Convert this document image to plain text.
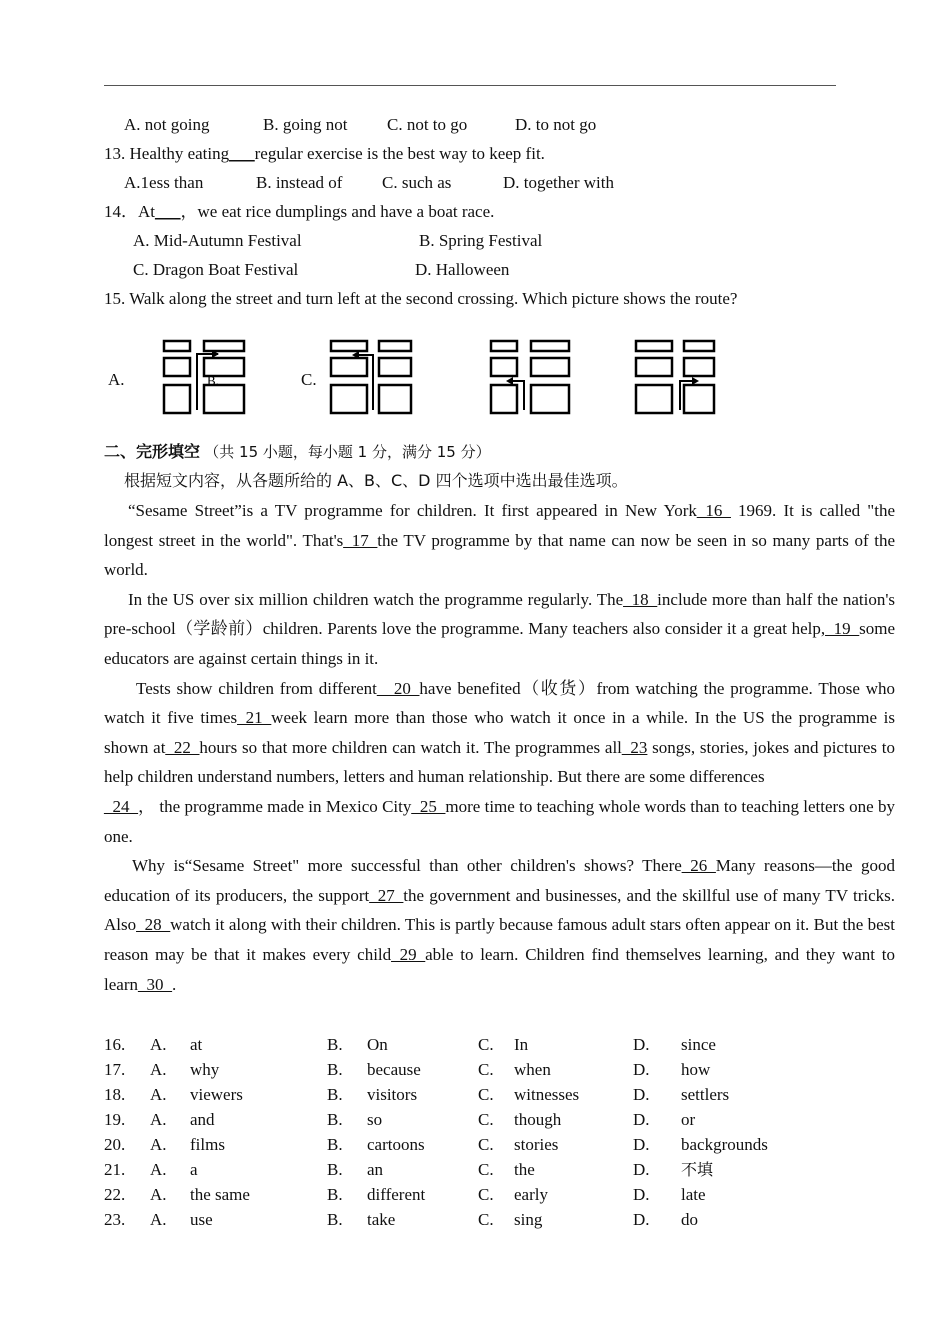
A. not going	B. going not C. not to go	D. to not go
13. Healthy eating___regular exercise is the best way to keep fit.
A.1ess than	B. instead of C. such as	D. together with
14．At___，we eat rice dumplings and have a boat race.
A. Mid-Autumn Festival	B. Spring Festival
C. Dragon Boat Festival	D. Halloween
15. Walk along the street and turn left at the second crossing. Which picture shows the route?
A.	C.
B.
二、完形填空 （共 15 小题，每小题 1 分，满分 15 分）
根据短文内容，从各题所给的 A、B、C、D 四个选项中选出最佳选项。

“Sesame Street”is a TV programme for children. It first appeared in New York_16_ 1969. It is called "the longest street in the world". That's_17_the TV programme by that name can now be seen in so many parts of the world.

In the US over six million children watch the programme regularly. The_18_include more than half the nation's pre-school（学龄前）children. Parents love the programme. Many teachers also consider it a great help,_19_some educators are against certain things in it.

Tests show children from different__20_have benefited（收货）from watching the programme. Those who watch it five times_21_week learn more than those who watch it once in a while. In the US the programme is shown at_22_hours so that more children can watch it. The programmes all_23 songs, stories, jokes and pictures to help children understand numbers, letters and human relationship. But there are some differences

_24_， the programme made in Mexico City_25_more time to teaching whole words than to teaching letters one by one.

Why is“Sesame Street" more successful than other children's shows? There_26_Many reasons—the good education of its producers, the support_27_the government and businesses, and the skillful use of many TV tricks. Also_28_watch it along with their children. This is partly because famous adult stars often appear on it. But the best reason may be that it makes every child_29_able to learn. Children find themselves learning, and they want to learn_30_.

16. A. at	B. On	C. In	D. since
17. A. why	B. because	C. when	D. how
18. A. viewers	B. visitors	C. witnesses	D. settlers
19. A. and	B. so	C. though	D. or
20. A. films	B. cartoons	C. stories	D. backgrounds
21. A. a	B. an	C. the	D. 不填
22. A. the same	B. different	C. early	D. late
23. A. use	B. take	C. sing	D. do
